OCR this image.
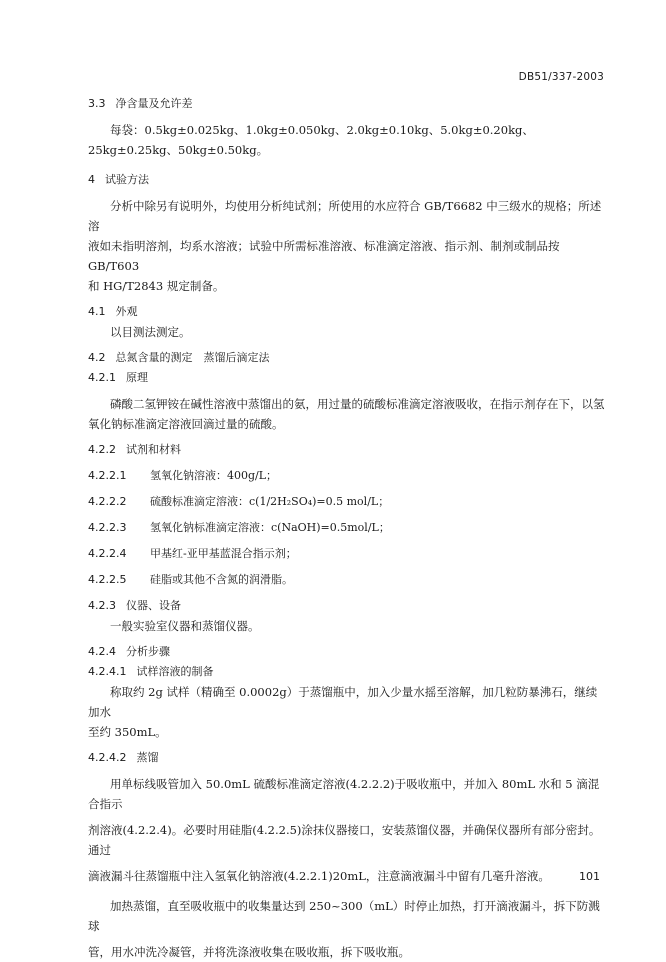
DB51/337-2003
3.3 净含量及允许差

每袋：0.5kg±0.025kg、1.0kg±0.050kg、2.0kg±0.10kg、5.0kg±0.20kg、25kg±0.25kg、50kg±0.50kg。

4 试验方法

分析中除另有说明外，均使用分析纯试剂；所使用的水应符合 GB/T6682 中三级水的规格；所述溶

液如未指明溶剂，均系水溶液；试验中所需标准溶液、标准滴定溶液、指示剂、制剂或制品按 GB/T603

和 HG/T2843 规定制备。

4.1 外观

以目测法测定。

4.2 总氮含量的测定　蒸馏后滴定法
4.2.1 原理

磷酸二氢钾铵在碱性溶液中蒸馏出的氨，用过量的硫酸标准滴定溶液吸收，在指示剂存在下，以氢

氧化钠标准滴定溶液回滴过量的硫酸。

4.2.2 试剂和材料
4.2.2.1	氢氧化钠溶液：400g/L；
4.2.2.2	硫酸标准滴定溶液：c(1/2H₂SO₄)=0.5 mol/L；
4.2.2.3	氢氧化钠标准滴定溶液：c(NaOH)=0.5mol/L；
4.2.2.4	甲基红-亚甲基蓝混合指示剂；
4.2.2.5	硅脂或其他不含氮的润滑脂。
4.2.3 仪器、设备

一般实验室仪器和蒸馏仪器。

4.2.4 分析步骤
4.2.4.1 试样溶液的制备

称取约 2g 试样（精确至 0.0002g）于蒸馏瓶中，加入少量水摇至溶解，加几粒防暴沸石，继续加水

至约 350mL。

4.2.4.2 蒸馏

用单标线吸管加入 50.0mL 硫酸标准滴定溶液(4.2.2.2)于吸收瓶中，并加入 80mL 水和 5 滴混合指示

剂溶液(4.2.2.4)。必要时用硅脂(4.2.2.5)涂抹仪器接口，安装蒸馏仪器，并确保仪器所有部分密封。通过

滴液漏斗往蒸馏瓶中注入氢氧化钠溶液(4.2.2.1)20mL，注意滴液漏斗中留有几毫升溶液。

加热蒸馏，直至吸收瓶中的收集量达到 250~300（mL）时停止加热，打开滴液漏斗，拆下防溅球

管，用水冲洗冷凝管，并将洗涤液收集在吸收瓶，拆下吸收瓶。

101
